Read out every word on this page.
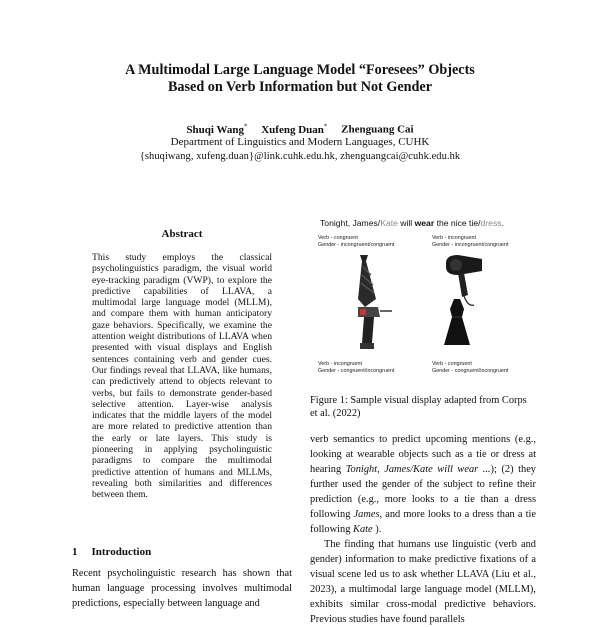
A Multimodal Large Language Model “Foresees” Objects
Based on Verb Information but Not Gender
Shuqi Wang* Xufeng Duan* Zhenguang Cai
Department of Linguistics and Modern Languages, CUHK
{shuqiwang, xufeng.duan}@link.cuhk.edu.hk, zhenguangcai@cuhk.edu.hk
Abstract
This study employs the classical psycholinguistics paradigm, the visual world eye-tracking paradigm (VWP), to explore the predictive capabilities of LLAVA, a multimodal large language model (MLLM), and compare them with human anticipatory gaze behaviors. Specifically, we examine the attention weight distributions of LLAVA when presented with visual displays and English sentences containing verb and gender cues. Our findings reveal that LLAVA, like humans, can predictively attend to objects relevant to verbs, but fails to demonstrate gender-based selective attention. Layer-wise analysis indicates that the middle layers of the model are more related to predictive attention than the early or late layers. This study is pioneering in applying psycholinguistic paradigms to compare the multimodal predictive attention of humans and MLLMs, revealing both similarities and differences between them.
1 Introduction
Recent psycholinguistic research has shown that human language processing involves multimodal predictions, especially between language and
Tonight, James/Kate will wear the nice tie/dress.
Verb - congruent
Gender - incongruent/congruent
Verb - incongruent
Gender - incongruent/congruent
Verb - incongruent
Gender - congruent/incongruent
Verb - congruent
Gender - congruent/incongruent
Figure 1: Sample visual display adapted from Corps et al. (2022)

verb semantics to predict upcoming mentions (e.g., looking at wearable objects such as a tie or dress at hearing Tonight, James/Kate will wear ...); (2) they further used the gender of the subject to refine their prediction (e.g., more looks to a tie than a dress following James, and more looks to a dress than a tie following Kate ).

The finding that humans use linguistic (verb and gender) information to make predictive fixations of a visual scene led us to ask whether LLAVA (Liu et al., 2023), a multimodal large language model (MLLM), exhibits similar cross-modal predictive behaviors. Previous studies have found parallels
